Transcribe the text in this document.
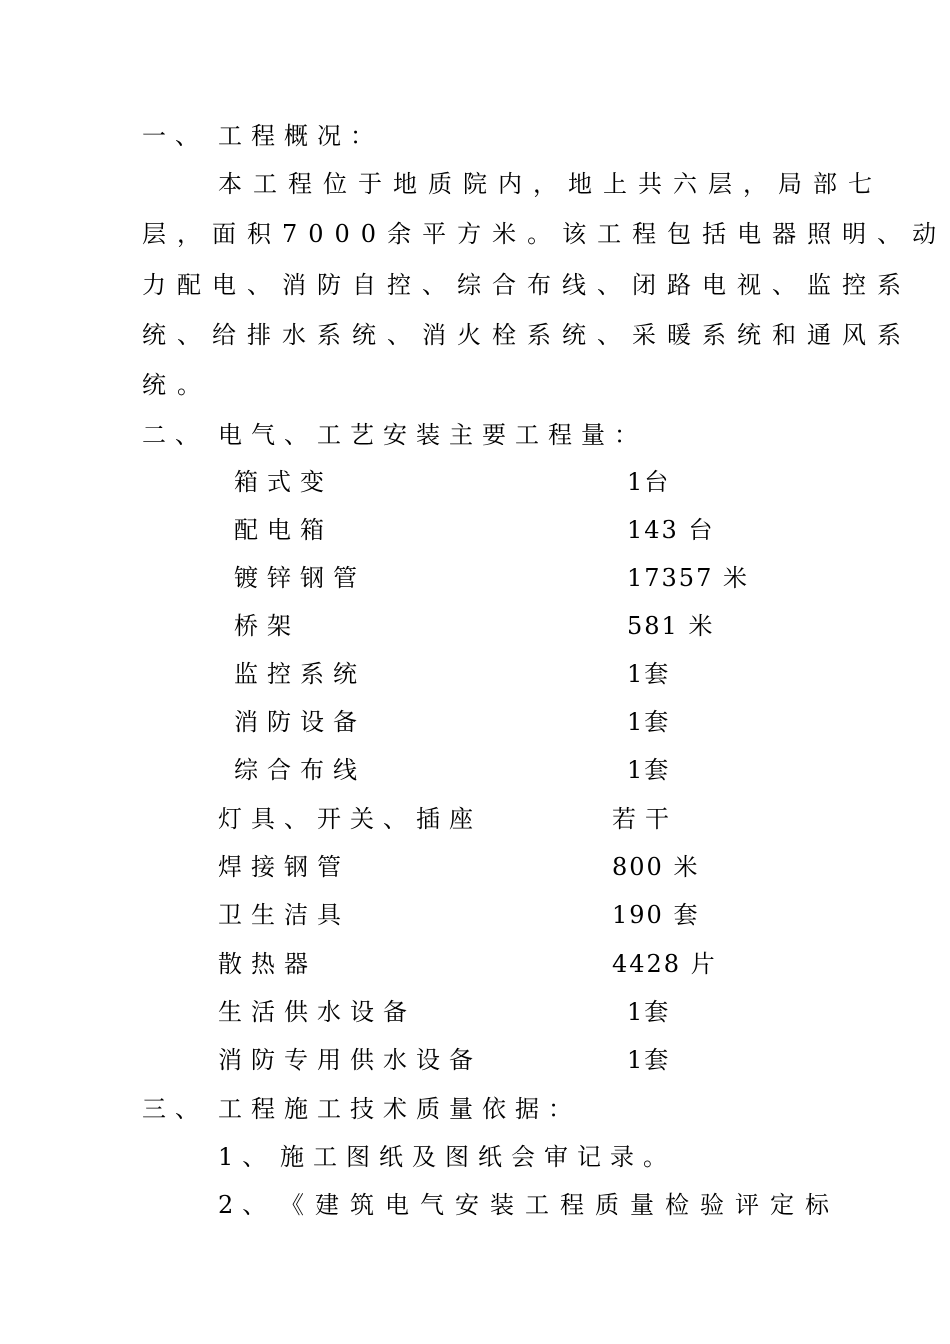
一、 工程概况：
本工程位于地质院内，地上共六层，局部七
层，面积7000余平方米。该工程包括电器照明、动
力配电、消防自控、综合布线、闭路电视、监控系
统、给排水系统、消火栓系统、采暖系统和通风系
统。
二、 电气、工艺安装主要工程量：
箱式变	1台
配电箱	143 台
镀锌钢管	17357 米
桥架	581 米
监控系统	1套
消防设备	1套
综合布线	1套
灯具、开关、插座	若干
焊接钢管	800 米
卫生洁具	190 套
散热器	4428 片
生活供水设备	1套
消防专用供水设备	1套
三、 工程施工技术质量依据：
1、 施工图纸及图纸会审记录。
2、 《建筑电气安装工程质量检验评定标
